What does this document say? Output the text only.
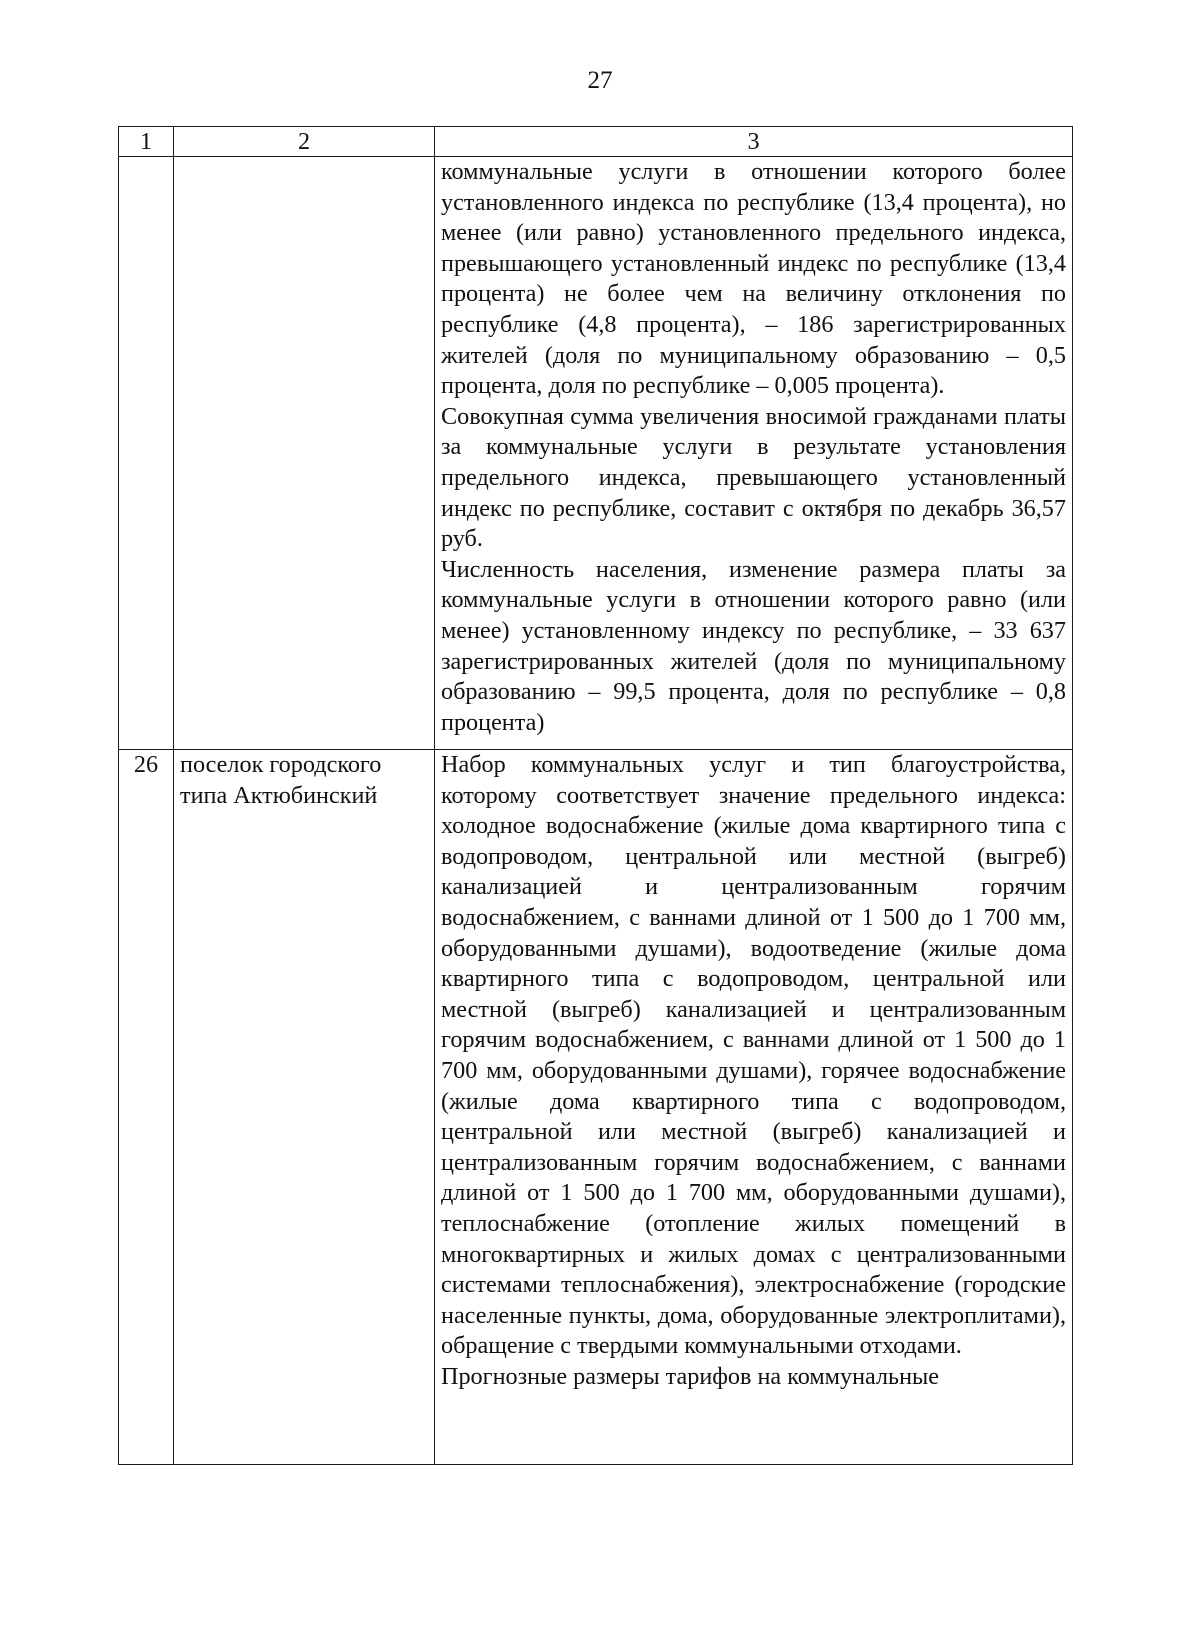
27
1	2	3

		коммунальные услуги в отношении которого более установленного индекса по республике (13,4 процента), но менее (или равно) установленного предельного индекса, превышающего установленный индекс по республике (13,4 процента) не более чем на величину отклонения по республике (4,8 процента), – 186 зарегистрированных жителей (доля по муниципальному образованию – 0,5 процента, доля по республике – 0,005 процента).

Совокупная сумма увеличения вносимой гражданами платы за коммунальные услуги в результате установления предельного индекса, превышающего установленный индекс по республике, составит с октября по декабрь 36,57 руб.

Численность населения, изменение размера платы за коммунальные услуги в отношении которого равно (или менее) установленному индексу по республике, – 33 637 зарегистрированных жителей (доля по муниципальному образованию – 99,5 процента, доля по республике – 0,8 процента)

26	поселок городского типа Актюбинский	Набор коммунальных услуг и тип благоустройства, которому соответствует значение предельного индекса: холодное водоснабжение (жилые дома квартирного типа с водопроводом, центральной или местной (выгреб) канализацией и централизованным горячим водоснабжением, с ваннами длиной от 1 500 до 1 700 мм, оборудованными душами), водоотведение (жилые дома квартирного типа с водопроводом, центральной или местной (выгреб) канализацией и централизованным горячим водоснабжением, с ваннами длиной от 1 500 до 1 700 мм, оборудованными душами), горячее водоснабжение (жилые дома квартирного типа с водопроводом, центральной или местной (выгреб) канализацией и централизованным горячим водоснабжением, с ваннами длиной от 1 500 до 1 700 мм, оборудованными душами), теплоснабжение (отопление жилых помещений в многоквартирных и жилых домах с централизованными системами теплоснабжения), электроснабжение (городские населенные пункты, дома, оборудованные электроплитами), обращение с твердыми коммунальными отходами.

Прогнозные размеры тарифов на коммунальные
